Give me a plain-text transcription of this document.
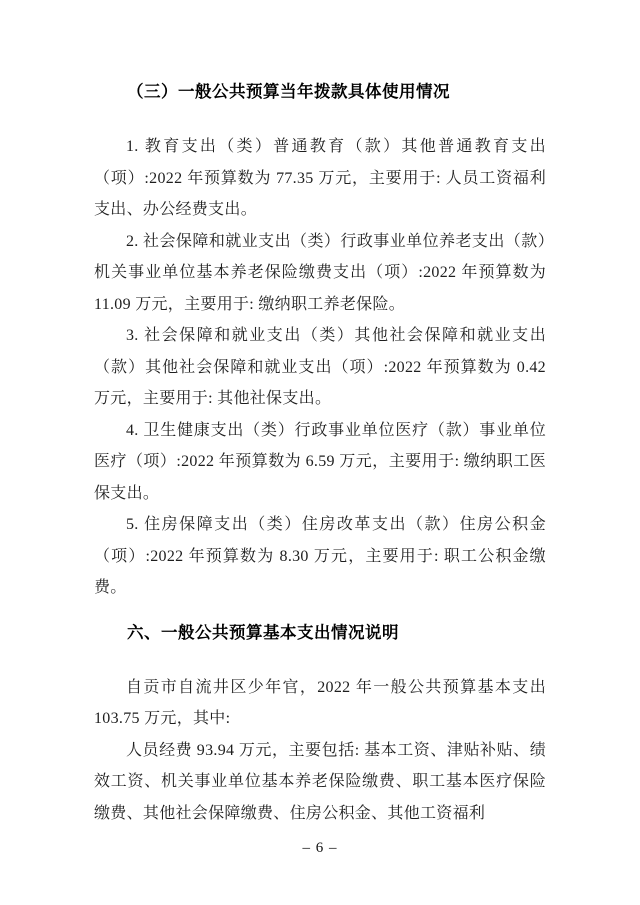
（三）一般公共预算当年拨款具体使用情况

1. 教育支出（类）普通教育（款）其他普通教育支出（项）:2022 年预算数为 77.35 万元，主要用于: 人员工资福利支出、办公经费支出。

2. 社会保障和就业支出（类）行政事业单位养老支出（款）机关事业单位基本养老保险缴费支出（项）:2022 年预算数为 11.09 万元，主要用于: 缴纳职工养老保险。

3. 社会保障和就业支出（类）其他社会保障和就业支出（款）其他社会保障和就业支出（项）:2022 年预算数为 0.42 万元，主要用于: 其他社保支出。

4. 卫生健康支出（类）行政事业单位医疗（款）事业单位医疗（项）:2022 年预算数为 6.59 万元，主要用于: 缴纳职工医保支出。

5. 住房保障支出（类）住房改革支出（款）住房公积金（项）:2022 年预算数为 8.30 万元，主要用于: 职工公积金缴费。

六、一般公共预算基本支出情况说明

自贡市自流井区少年官，2022 年一般公共预算基本支出 103.75 万元，其中:

人员经费 93.94 万元，主要包括: 基本工资、津贴补贴、绩效工资、机关事业单位基本养老保险缴费、职工基本医疗保险缴费、其他社会保障缴费、住房公积金、其他工资福利

– 6 –
